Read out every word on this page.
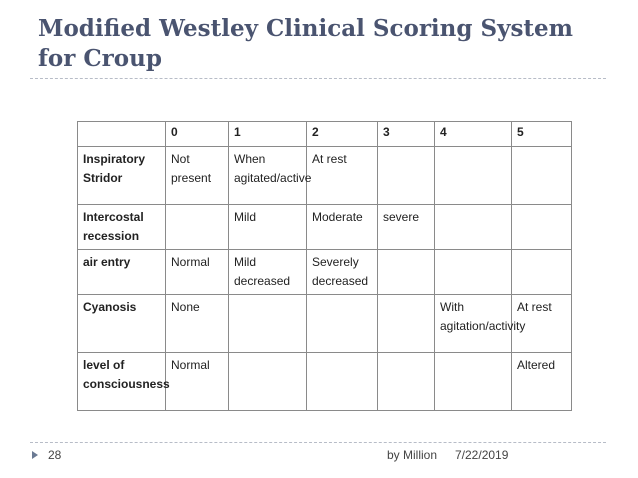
Modified Westley Clinical Scoring System for Croup
	0	1	2	3	4	5
Inspiratory Stridor	Not present	When agitated/active	At rest			
Intercostal recession		Mild	Moderate	severe		
air entry	Normal	Mild decreased	Severely decreased			
Cyanosis	None				With agitation/activity	At rest
level of consciousness	Normal					Altered
28	by Million 7/22/2019
